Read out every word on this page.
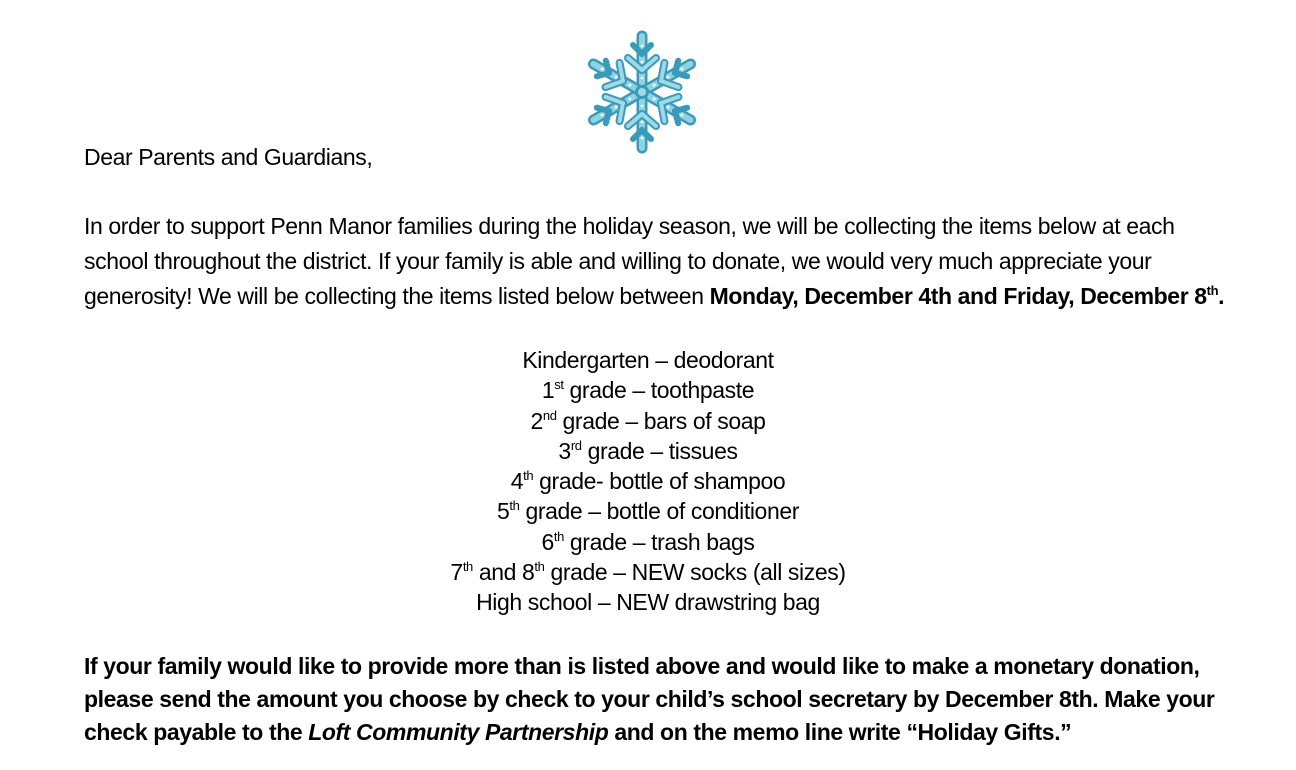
Dear Parents and Guardians,

In order to support Penn Manor families during the holiday season, we will be collecting the items below at each
school throughout the district. If your family is able and willing to donate, we would very much appreciate your
generosity! We will be collecting the items listed below between Monday, December 4th and Friday, December 8th.

Kindergarten – deodorant
1st grade – toothpaste
2nd grade – bars of soap
3rd grade – tissues
4th grade- bottle of shampoo
5th grade – bottle of conditioner
6th grade – trash bags
7th and 8th grade – NEW socks (all sizes)
High school – NEW drawstring bag

If your family would like to provide more than is listed above and would like to make a monetary donation,
please send the amount you choose by check to your child’s school secretary by December 8th. Make your
check payable to the Loft Community Partnership and on the memo line write “Holiday Gifts.”
